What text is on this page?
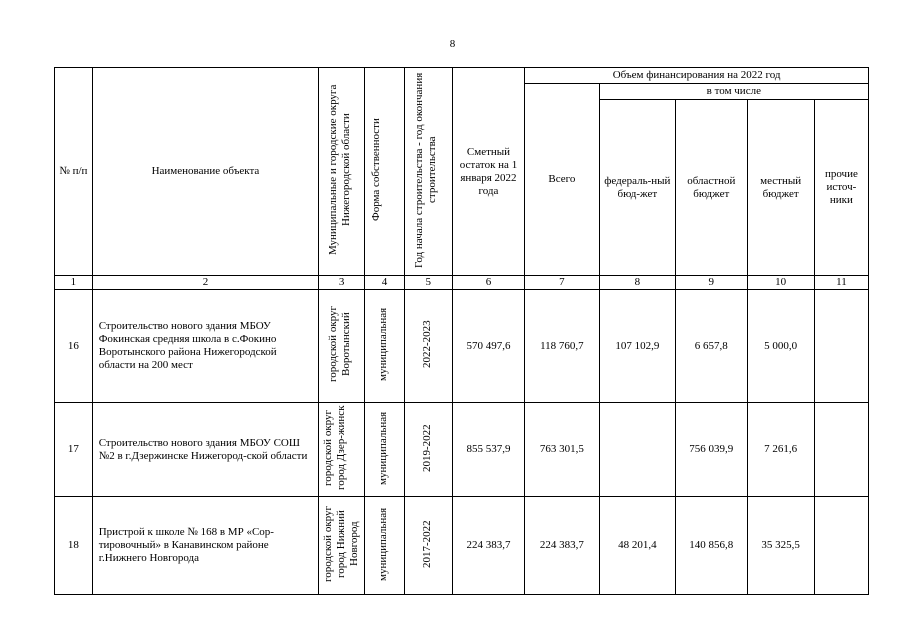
8
№ п/п	Наименование объекта	Муниципальные и городские округа Нижегородской области	Форма собственности	Год начала строительства - год окончания строительства	Сметный остаток на 1 января 2022 года	Объем финансирования на 2022 год				
						Всего	в том числе			
							федераль-ный бюд-жет	областной бюджет	местный бюджет	прочие источ-ники
1	2	3	4	5	6	7	8	9	10	11
16	Строительство нового здания МБОУ Фокинская средняя школа в с.Фокино Воротынского района Нижегородской области на 200 мест	городской округ Воротынский	муниципальная	2022-2023	570 497,6	118 760,7	107 102,9	6 657,8	5 000,0	
17	Строительство нового здания МБОУ СОШ №2 в г.Дзержинске Нижегород-ской области	городской округ город Дзер-жинск	муниципальная	2019-2022	855 537,9	763 301,5		756 039,9	7 261,6	
18	Пристрой к школе № 168 в МР «Сор-тировочный» в Канавинском районе г.Нижнего Новгорода	городской округ город Нижний Новгород	муниципальная	2017-2022	224 383,7	224 383,7	48 201,4	140 856,8	35 325,5	
